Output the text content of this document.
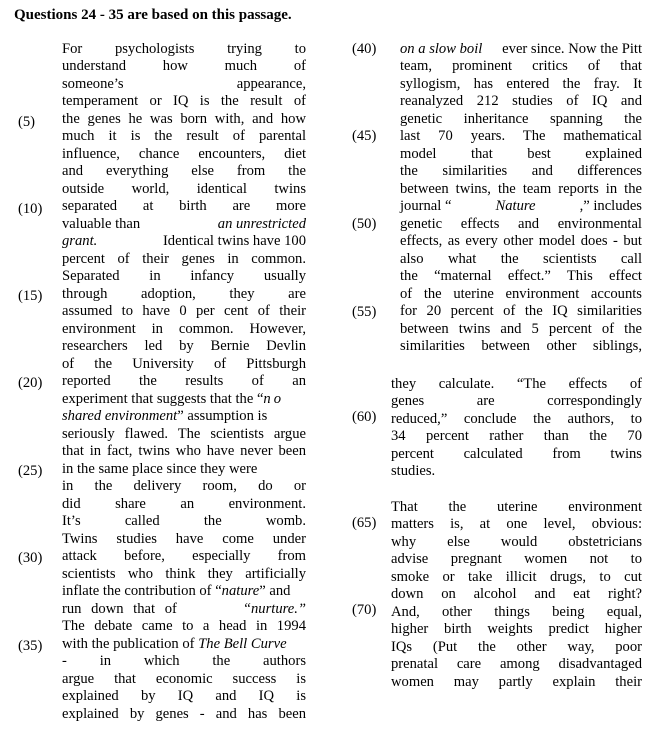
Questions 24 - 35 are based on this passage.
(5)
(10)
(15)
(20)
(25)
(30)
(35)
(40)
(45)
(50)
(55)
(60)
(65)
(70)
For psychologists trying to
understand how much of
someone’s appearance,
temperament or IQ is the result of
the genes he was born with, and how
much it is the result of parental
influence, chance encounters, diet
and everything else from the
outside world, identical twins
separated at birth are more
valuable than	an unrestricted
grant.	Identical twins have 100
percent of their genes in common.
Separated in infancy usually
through adoption, they are
assumed to have 0 per cent of their
environment in common. However,
researchers led by Bernie Devlin
of the University of Pittsburgh
reported the results of an
experiment that suggests that the “no
shared environment” assumption is
seriously flawed. The scientists argue
that in fact, twins who have never been
in the same place since they were
in the delivery room, do or
did share an environment.
It’s called the womb.
Twins studies have come under
attack before, especially from
scientists who think they artificially
inflate the contribution of “nature” and
run down that of	“nurture.”
The debate came to a head in 1994
with the publication of The Bell Curve
- in which the authors
argue that economic success is
explained by IQ and IQ is
explained by genes - and has been
on a slow boil ever since. Now the Pitt
team, prominent critics of that
syllogism, has entered the fray. It
reanalyzed 212 studies of IQ and
genetic inheritance spanning the
last 70 years. The mathematical
model that best explained
the similarities and differences
between twins, the team reports in the
journal “	Nature	,” includes
genetic effects and environmental
effects, as every other model does - but
also what the scientists call
the “maternal effect.” This effect
of the uterine environment accounts
for 20 percent of the IQ similarities
between twins and 5 percent of the
similarities between other siblings,
they calculate. “The effects of
genes are correspondingly
reduced,” conclude the authors, to
34 percent rather than the 70
percent calculated from twins
studies.
That the uterine environment
matters is, at one level, obvious:
why else would obstetricians
advise pregnant women not to
smoke or take illicit drugs, to cut
down on alcohol and eat right?
And, other things being equal,
higher birth weights predict higher
IQs (Put the other way, poor
prenatal care among disadvantaged
women may partly explain their
